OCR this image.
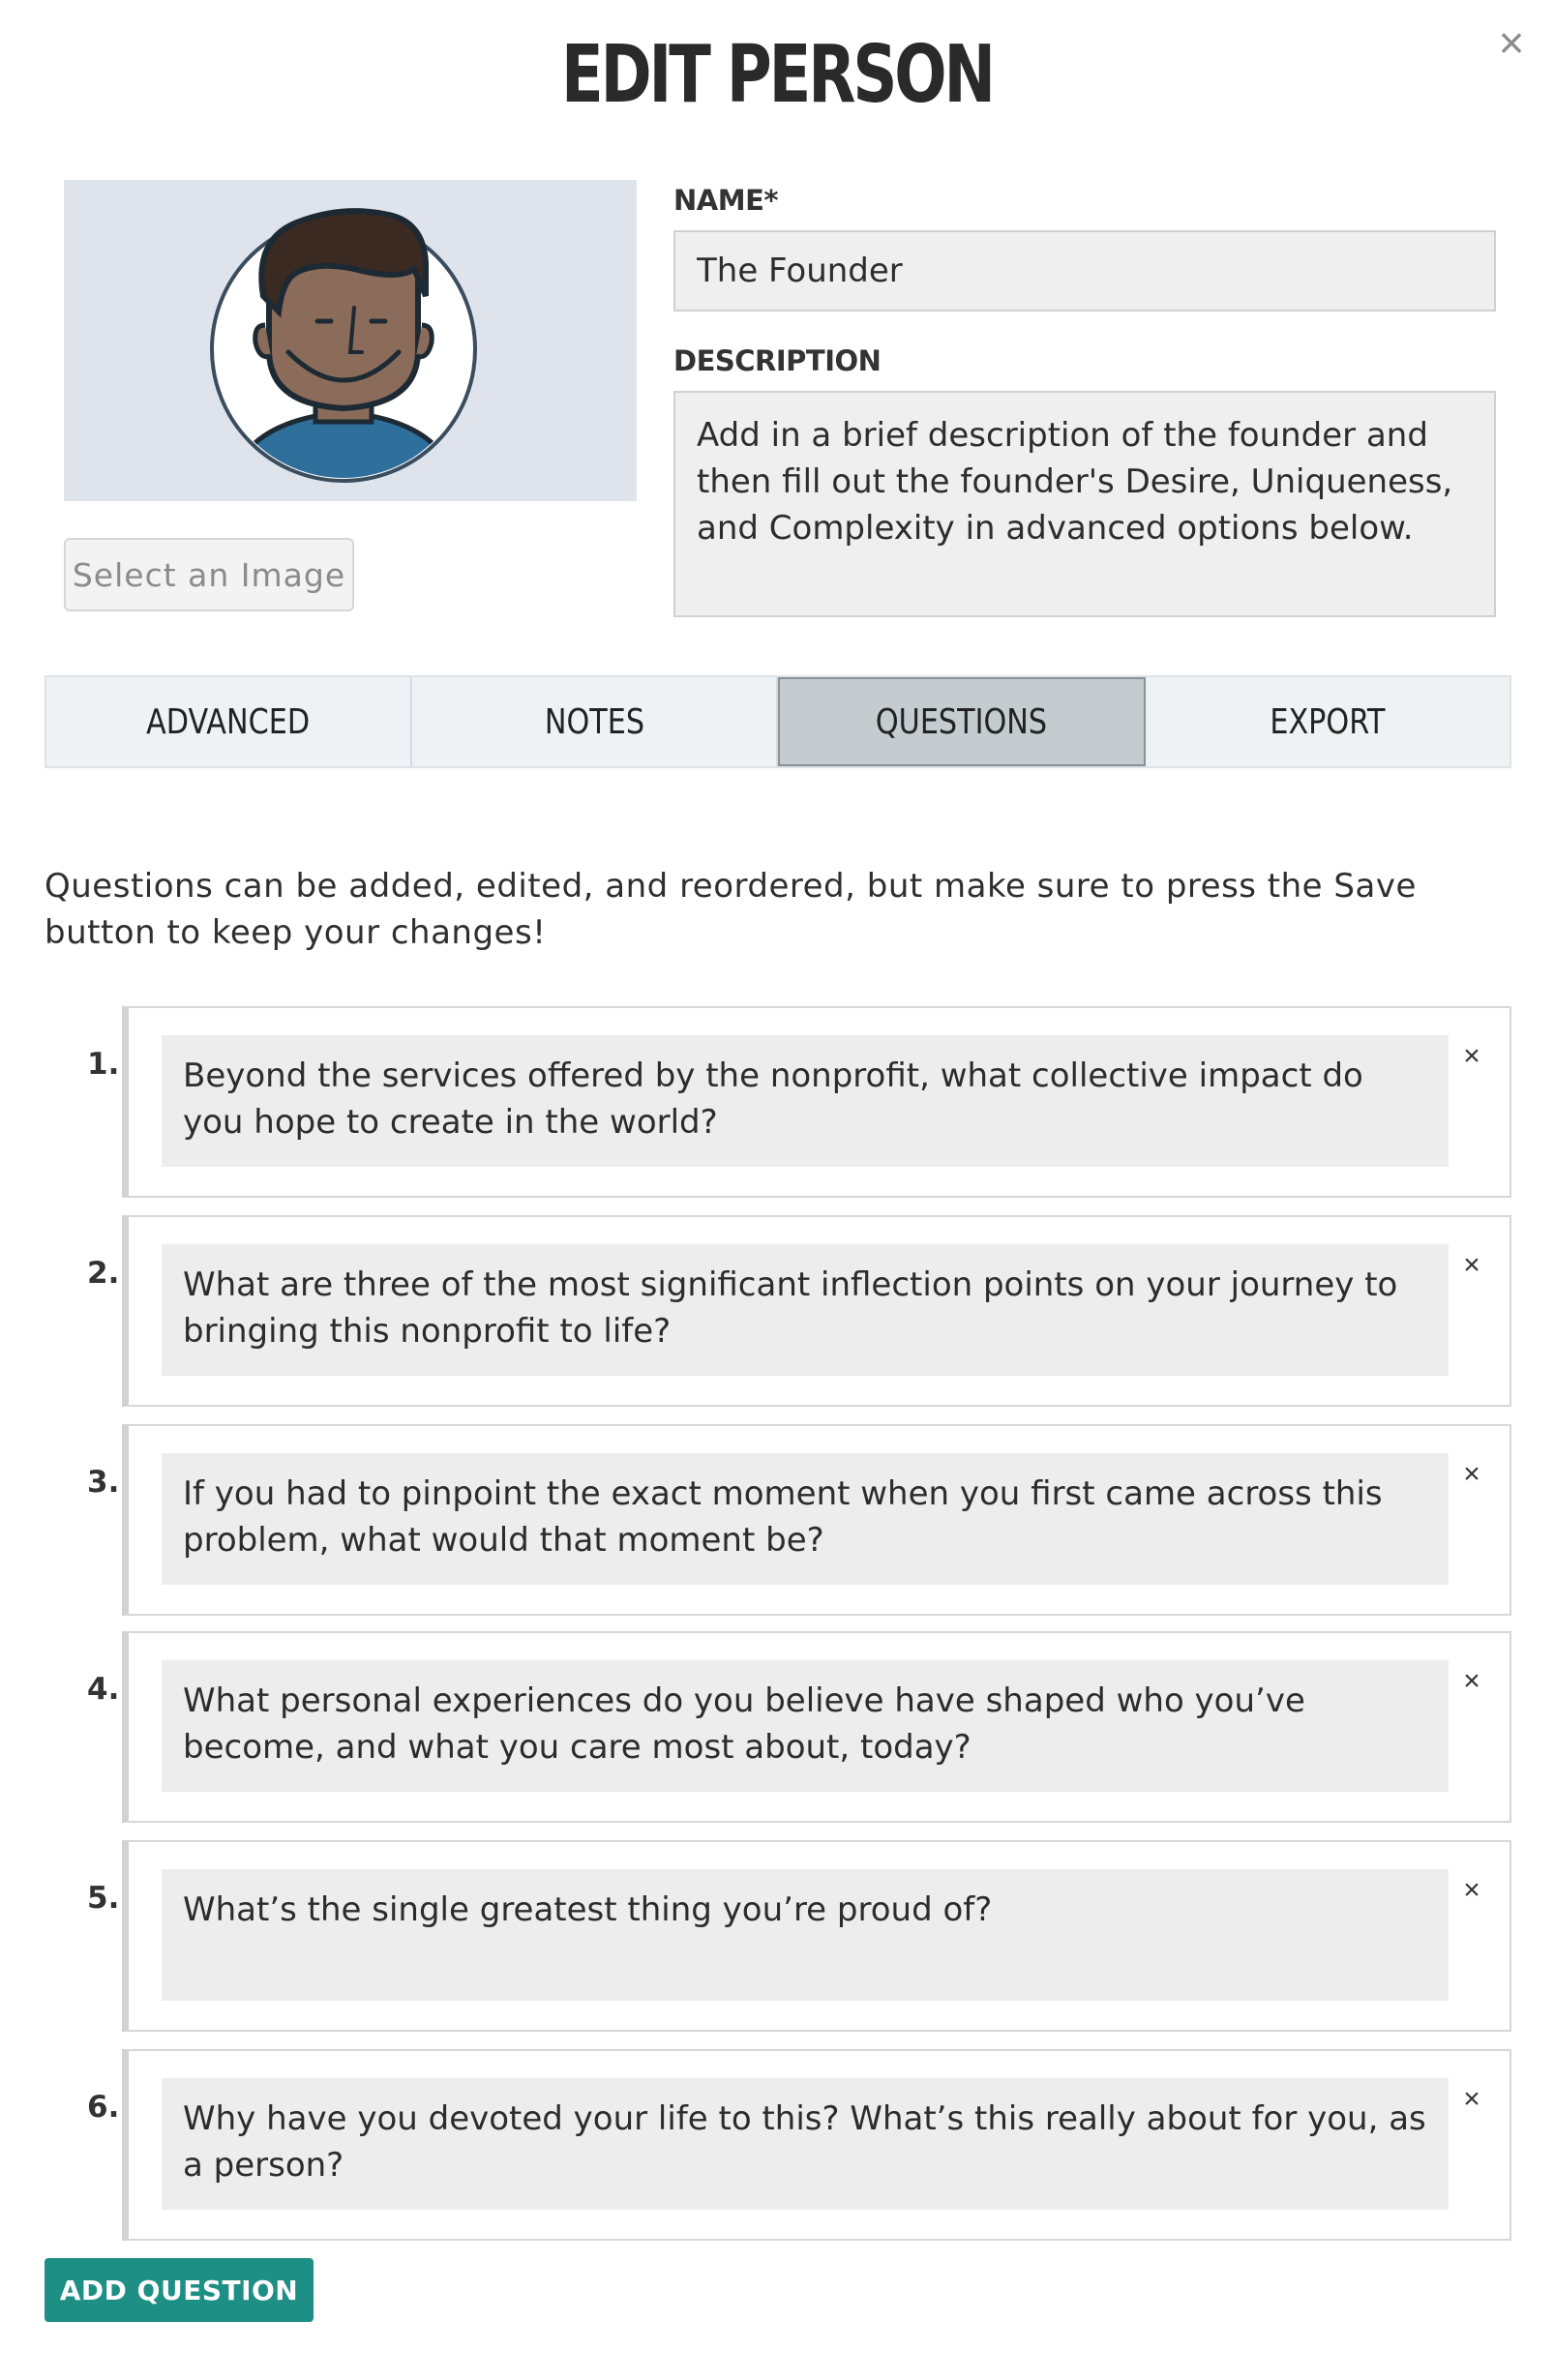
×
EDIT PERSON
Select an Image
NAME*
The Founder
DESCRIPTION
Add in a brief description of the founder and then fill out the founder's Desire, Uniqueness, and Complexity in advanced options below.
ADVANCED	NOTES	QUESTIONS	EXPORT

Questions can be added, edited, and reordered, but make sure to press the Save button to keep your changes!

1.	Beyond the services offered by the nonprofit, what collective impact do you hope to create in the world?
×
2.	What are three of the most significant inflection points on your journey to bringing this nonprofit to life?
×
3.	If you had to pinpoint the exact moment when you first came across this problem, what would that moment be?
×
4.	What personal experiences do you believe have shaped who you’ve become, and what you care most about, today?
×
5.	What’s the single greatest thing you’re proud of?
×
6.	Why have you devoted your life to this? What’s this really about for you, as a person?
×
ADD QUESTION
